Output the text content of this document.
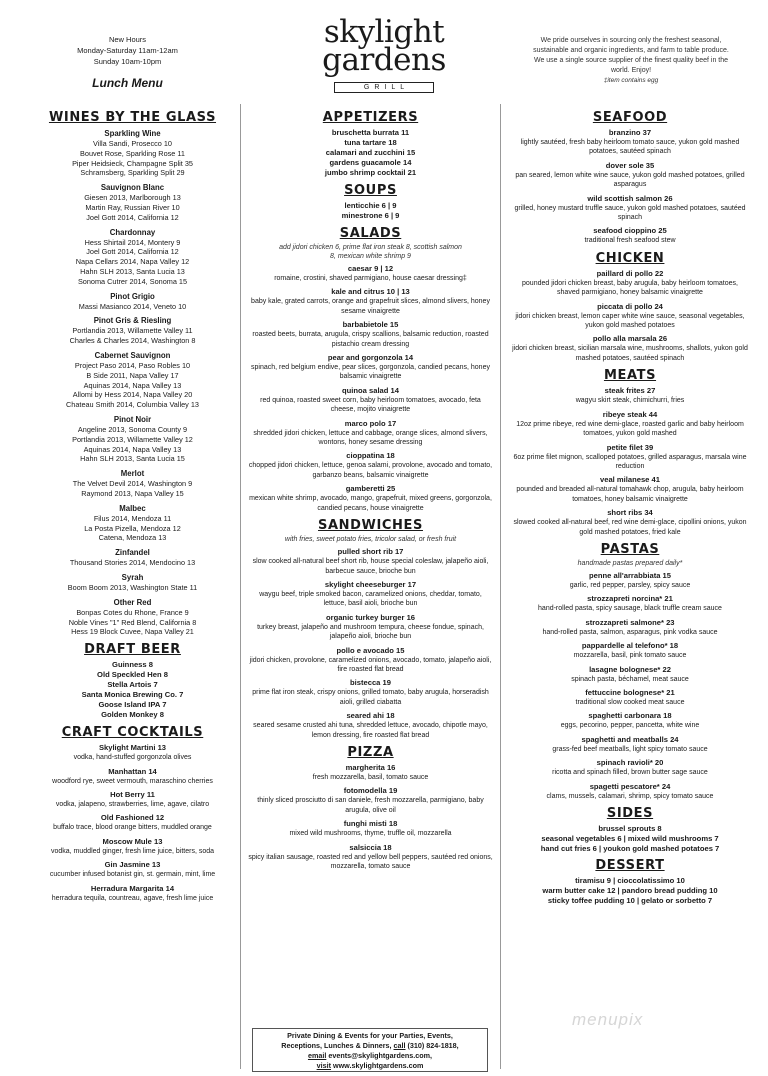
New Hours
Monday-Saturday 11am-12am
Sunday 10am-10pm
Lunch Menu
skylight
gardens
GRILL
We pride ourselves in sourcing only the freshest seasonal, sustainable and organic ingredients, and farm to table produce. We use a single source supplier of the finest quality beef in the world. Enjoy!
‡item contains egg
WINES BY THE GLASS
Sparkling Wine
Villa Sandi, Prosecco 10
Bouvet Rose, Sparkling Rose 11
Piper Heidsieck, Champagne Split 35
Schramsberg, Sparkling Split 29
Sauvignon Blanc
Giesen 2013, Marlborough 13
Martin Ray, Russian River 10
Joel Gott 2014, California 12
Chardonnay
Hess Shirtail 2014, Montery 9
Joel Gott 2014, California 12
Napa Cellars 2014, Napa Valley 12
Hahn SLH 2013, Santa Lucia 13
Sonoma Cutrer 2014, Sonoma 15
Pinot Grigio
Massi Masianco 2014, Veneto 10
Pinot Gris & Riesling
Portlandia 2013, Willamette Valley 11
Charles & Charles 2014, Washington 8
Cabernet Sauvignon
Project Paso 2014, Paso Robles 10
B Side 2011, Napa Valley 17
Aquinas 2014, Napa Valley 13
Allomi by Hess 2014, Napa Valley 20
Chateau Smith 2014, Columbia Valley 13
Pinot Noir
Angeline 2013, Sonoma County 9
Portlandia 2013, Willamette Valley 12
Aquinas 2014, Napa Valley 13
Hahn SLH 2013, Santa Lucia 15
Merlot
The Velvet Devil 2014, Washington 9
Raymond 2013, Napa Valley 15
Malbec
Filus 2014, Mendoza 11
La Posta Pizella, Mendoza 12
Catena, Mendoza 13
Zinfandel
Thousand Stories 2014, Mendocino 13
Syrah
Boom Boom 2013, Washington State 11
Other Red
Bonpas Cotes du Rhone, France 9
Noble Vines "1" Red Blend, California 8
Hess 19 Block Cuvee, Napa Valley 21
DRAFT BEER
Guinness 8
Old Speckled Hen 8
Stella Artois 7
Santa Monica Brewing Co. 7
Goose Island IPA 7
Golden Monkey 8
CRAFT COCKTAILS
Skylight Martini 13
vodka, hand-stuffed gorgonzola olives
Manhattan 14
woodford rye, sweet vermouth, maraschino cherries
Hot Berry 11
vodka, jalapeno, strawberries, lime, agave, cilatro
Old Fashioned 12
buffalo trace, blood orange bitters, muddled orange
Moscow Mule 13
vodka, muddled ginger, fresh lime juice, bitters, soda
Gin Jasmine 13
cucumber infused botanist gin, st. germain, mint, lime
Herradura Margarita 14
herradura tequila, countreau, agave, fresh lime juice
APPETIZERS
bruschetta burrata 11
tuna tartare 18
calamari and zucchini 15
gardens guacamole 14
jumbo shrimp cocktail 21
SOUPS
lenticchie 6 | 9
minestrone 6 | 9
SALADS
add jidori chicken 6, prime flat iron steak 8, scottish salmon 8, mexican white shrimp 9
caesar 9 | 12
romaine, crostini, shaved parmigiano, house caesar dressing‡
kale and citrus 10 | 13
baby kale, grated carrots, orange and grapefruit slices, almond slivers, honey sesame vinaigrette
barbabietole 15
roasted beets, burrata, arugula, crispy scallions, balsamic reduction, roasted pistachio cream dressing
pear and gorgonzola 14
spinach, red belgium endive, pear slices, gorgonzola, candied pecans, honey balsamic vinaigrette
quinoa salad 14
red quinoa, roasted sweet corn, baby heirloom tomatoes, avocado, feta cheese, mojito vinaigrette
marco polo 17
shredded jidori chicken, lettuce and cabbage, orange slices, almond slivers, wontons, honey sesame dressing
cioppatina 18
chopped jidori chicken, lettuce, genoa salami, provolone, avocado and tomato, garbanzo beans, balsamic vinaigrette
gamberetti 25
mexican white shrimp, avocado, mango, grapefruit, mixed greens, gorgonzola, candied pecans, house vinaigrette
SANDWICHES
with fries, sweet potato fries, tricolor salad, or fresh fruit
pulled short rib 17
slow cooked all-natural beef short rib, house special coleslaw, jalapeño aioli, barbecue sauce, brioche bun
skylight cheeseburger 17
waygu beef, triple smoked bacon, caramelized onions, cheddar, tomato, lettuce, basil aioli, brioche bun
organic turkey burger 16
turkey breast, jalapeño and mushroom tempura, cheese fondue, spinach, jalapeño aioli, brioche bun
pollo e avocado 15
jidori chicken, provolone, caramelized onions, avocado, tomato, jalapeño aioli, fire roasted flat bread
bistecca 19
prime flat iron steak, crispy onions, grilled tomato, baby arugula, horseradish aioli, grilled ciabatta
seared ahi 18
seared sesame crusted ahi tuna, shredded lettuce, avocado, chipotle mayo, lemon dressing, fire roasted flat bread
PIZZA
margherita 16
fresh mozzarella, basil, tomato sauce
fotomodella 19
thinly sliced prosciutto di san daniele, fresh mozzarella, parmigiano, baby arugula, olive oil
funghi misti 18
mixed wild mushrooms, thyme, truffle oil, mozzarella
salsiccia 18
spicy italian sausage, roasted red and yellow bell peppers, sautéed red onions, mozzarella, tomato sauce
Private Dining & Events for your Parties, Events,
Receptions, Lunches & Dinners, call (310) 824-1818,
email events@skylightgardens.com,
visit www.skylightgardens.com
SEAFOOD
branzino 37
lightly sautéed, fresh baby heirloom tomato sauce, yukon gold mashed potatoes, sautéed spinach
dover sole 35
pan seared, lemon white wine sauce, yukon gold mashed potatoes, grilled asparagus
wild scottish salmon 26
grilled, honey mustard truffle sauce, yukon gold mashed potatoes, sautéed spinach
seafood cioppino 25
traditional fresh seafood stew
CHICKEN
paillard di pollo 22
pounded jidori chicken breast, baby arugula, baby heirloom tomatoes, shaved parmigiano, honey balsamic vinaigrette
piccata di pollo 24
jidori chicken breast, lemon caper white wine sauce, seasonal vegetables, yukon gold mashed potatoes
pollo alla marsala 26
jidori chicken breast, sicilian marsala wine, mushrooms, shallots, yukon gold mashed potatoes, sautéed spinach
MEATS
steak frites 27
wagyu skirt steak, chimichurri, fries
ribeye steak 44
12oz prime ribeye, red wine demi-glace, roasted garlic and baby heirloom tomatoes, yukon gold mashed
petite filet 39
6oz prime filet mignon, scalloped potatoes, grilled asparagus, marsala wine reduction
veal milanese 41
pounded and breaded all-natural tomahawk chop, arugula, baby heirloom tomatoes, honey balsamic vinaigrette
short ribs 34
slowed cooked all-natural beef, red wine demi-glace, cipollini onions, yukon gold mashed potatoes, fried kale
PASTAS
handmade pastas prepared daily*
penne all'arrabbiata 15
garlic, red pepper, parsley, spicy sauce
strozzapreti norcina* 21
hand-rolled pasta, spicy sausage, black truffle cream sauce
strozzapreti salmone* 23
hand-rolled pasta, salmon, asparagus, pink vodka sauce
pappardelle al telefono* 18
mozzarella, basil, pink tomato sauce
lasagne bolognese* 22
spinach pasta, béchamel, meat sauce
fettuccine bolognese* 21
traditional slow cooked meat sauce
spaghetti carbonara 18
eggs, pecorino, pepper, pancetta, white wine
spaghetti and meatballs 24
grass-fed beef meatballs, light spicy tomato sauce
spinach ravioli* 20
ricotta and spinach filled, brown butter sage sauce
spagetti pescatore* 24
clams, mussels, calamari, shrimp, spicy tomato sauce
SIDES
brussel sprouts 8
seasonal vegetables 6 | mixed wild mushrooms 7
hand cut fries 6 | youkon gold mashed potatoes 7
DESSERT
tiramisu 9 | cioccolatissimo 10
warm butter cake 12 | pandoro bread pudding 10
sticky toffee pudding 10 | gelato or sorbetto 7
menupix
